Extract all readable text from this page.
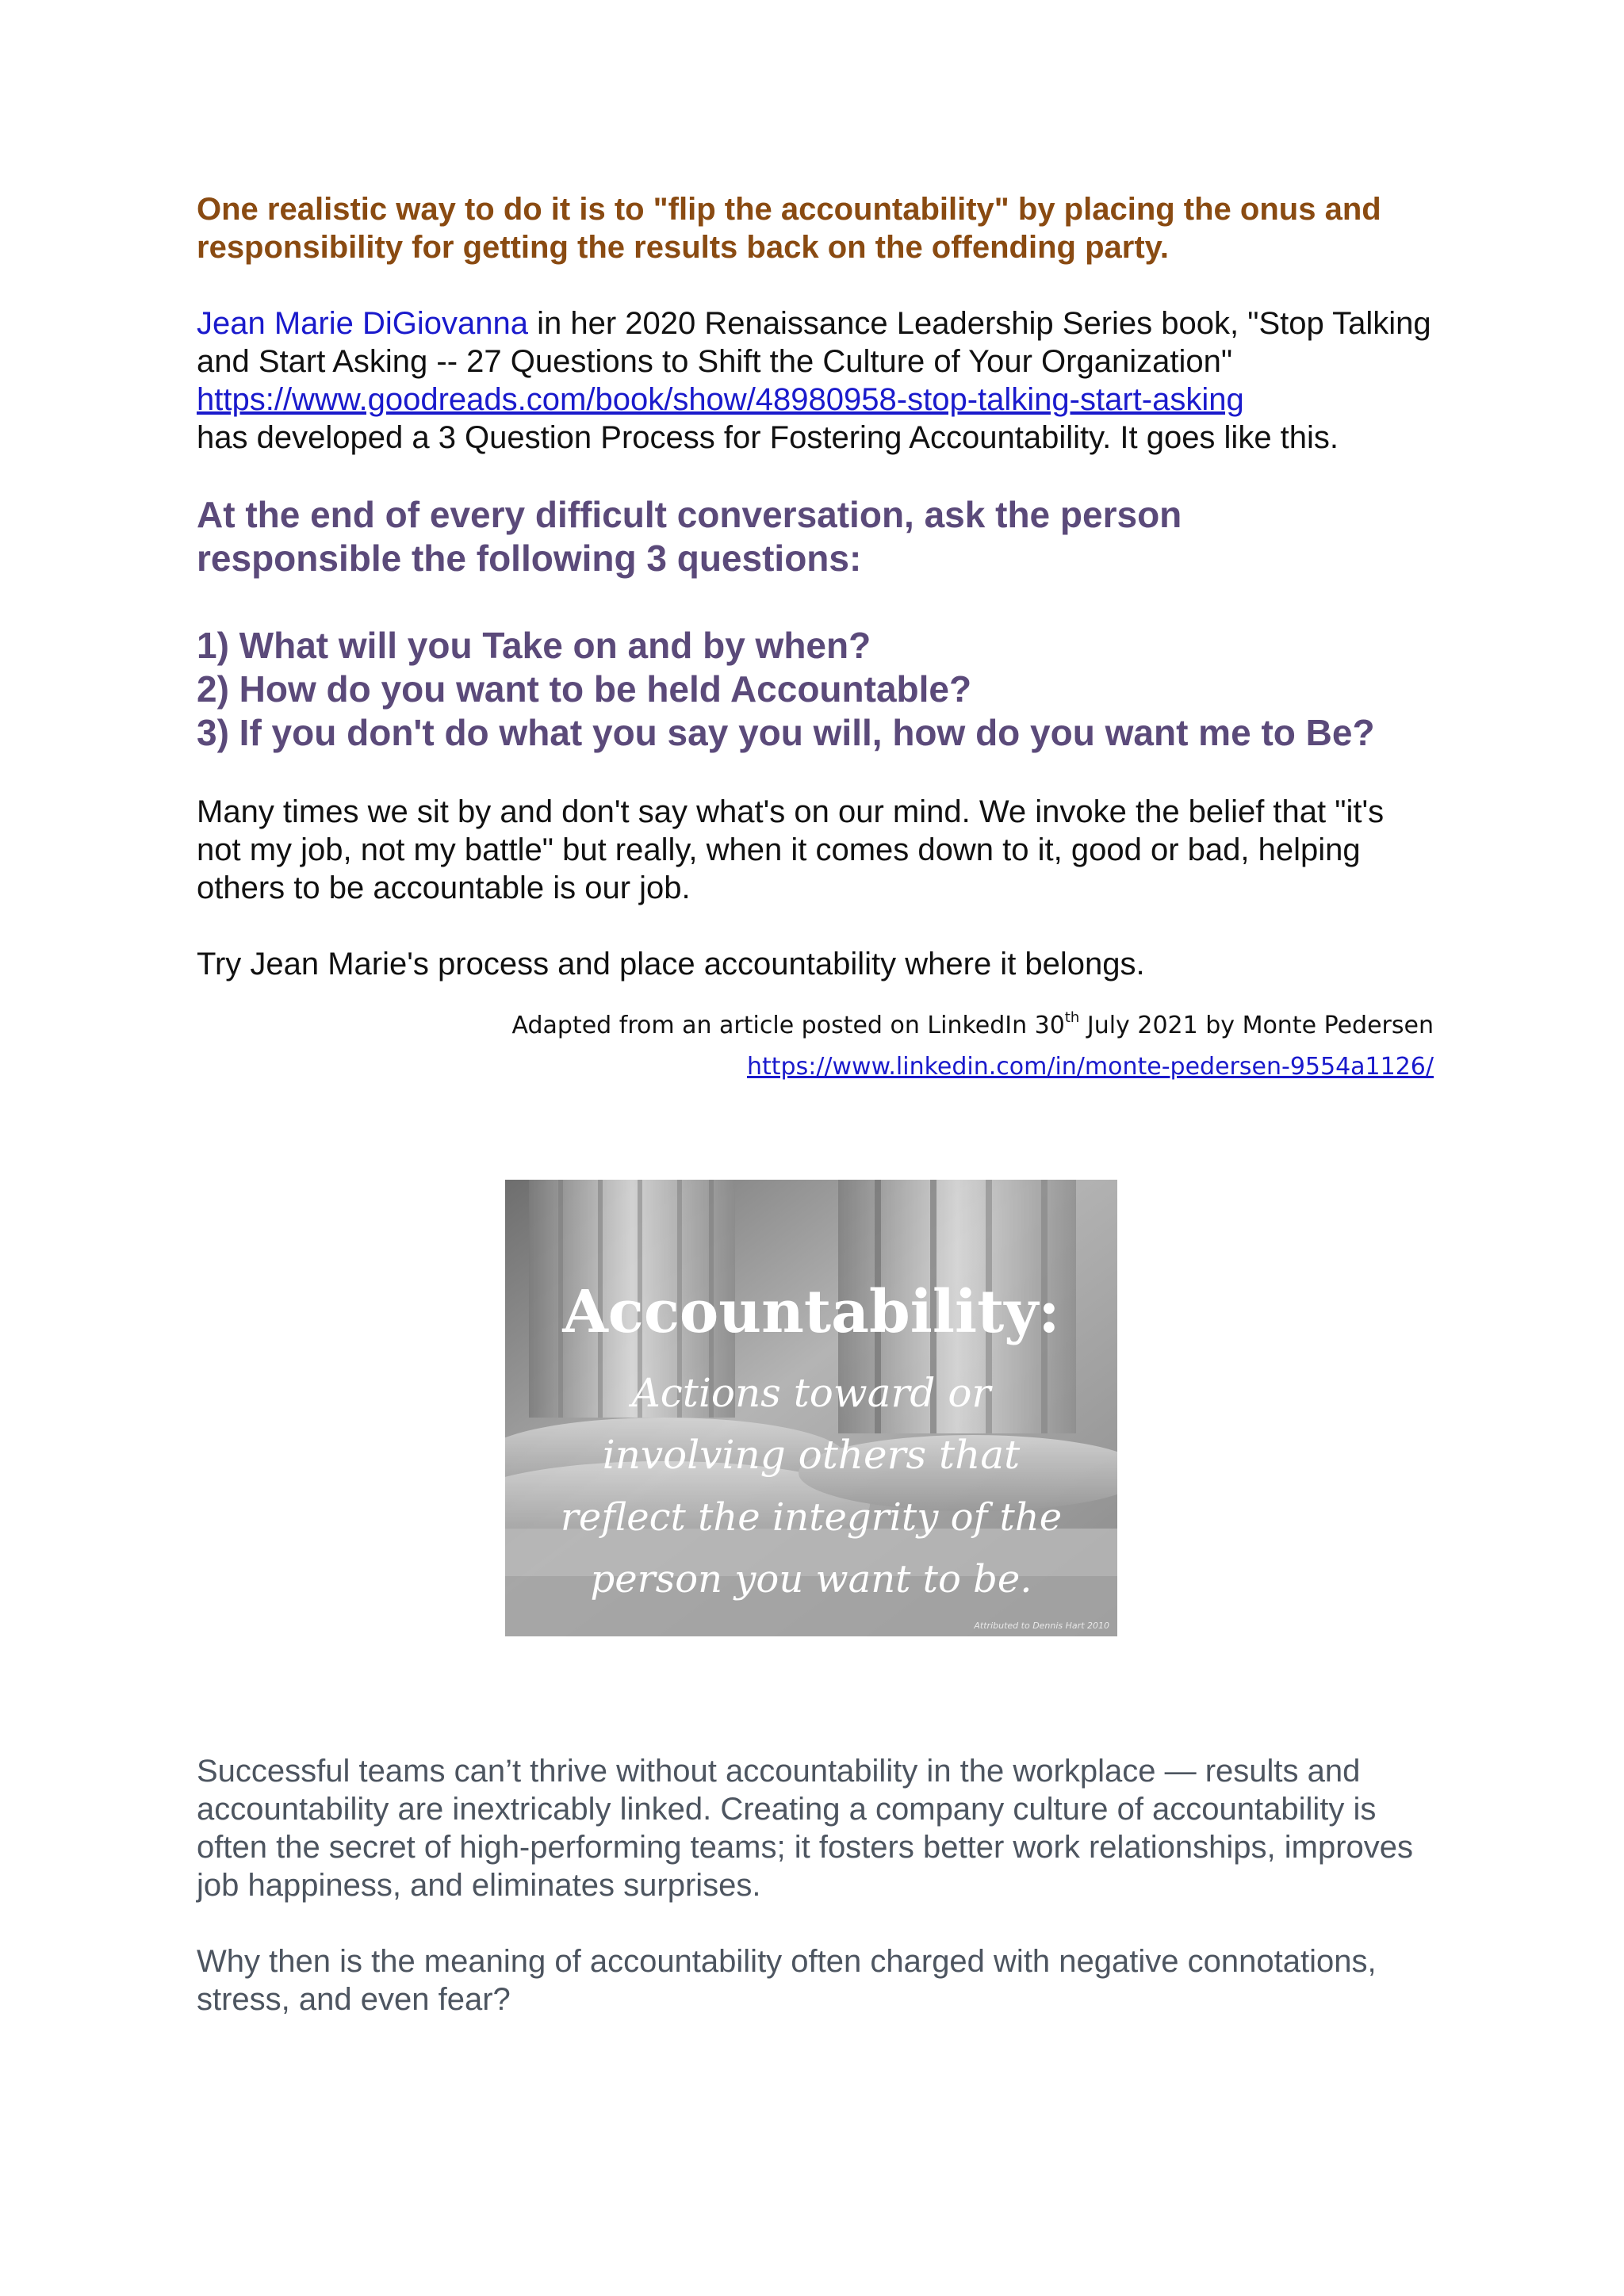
One realistic way to do it is to "flip the accountability" by placing the onus and responsibility for getting the results back on the offending party.

Jean Marie DiGiovanna in her 2020 Renaissance Leadership Series book, "Stop Talking and Start Asking -- 27 Questions to Shift the Culture of Your Organization"
https://www.goodreads.com/book/show/48980958-stop-talking-start-asking
has developed a 3 Question Process for Fostering Accountability. It goes like this.

At the end of every difficult conversation, ask the person responsible the following 3 questions:

1) What will you Take on and by when?
2) How do you want to be held Accountable?
3) If you don't do what you say you will, how do you want me to Be?

Many times we sit by and don't say what's on our mind. We invoke the belief that "it's not my job, not my battle" but really, when it comes down to it, good or bad, helping others to be accountable is our job.

Try Jean Marie's process and place accountability where it belongs.

Adapted from an article posted on LinkedIn 30th July 2021 by Monte Pedersen

https://www.linkedin.com/in/monte-pedersen-9554a1126/
Accountability:
Actions toward or
involving others that
reflect the integrity of the
person you want to be.
Attributed to Dennis Hart 2010

Successful teams can’t thrive without accountability in the workplace — results and accountability are inextricably linked. Creating a company culture of accountability is often the secret of high-performing teams; it fosters better work relationships, improves job happiness, and eliminates surprises.

Why then is the meaning of accountability often charged with negative connotations, stress, and even fear?
